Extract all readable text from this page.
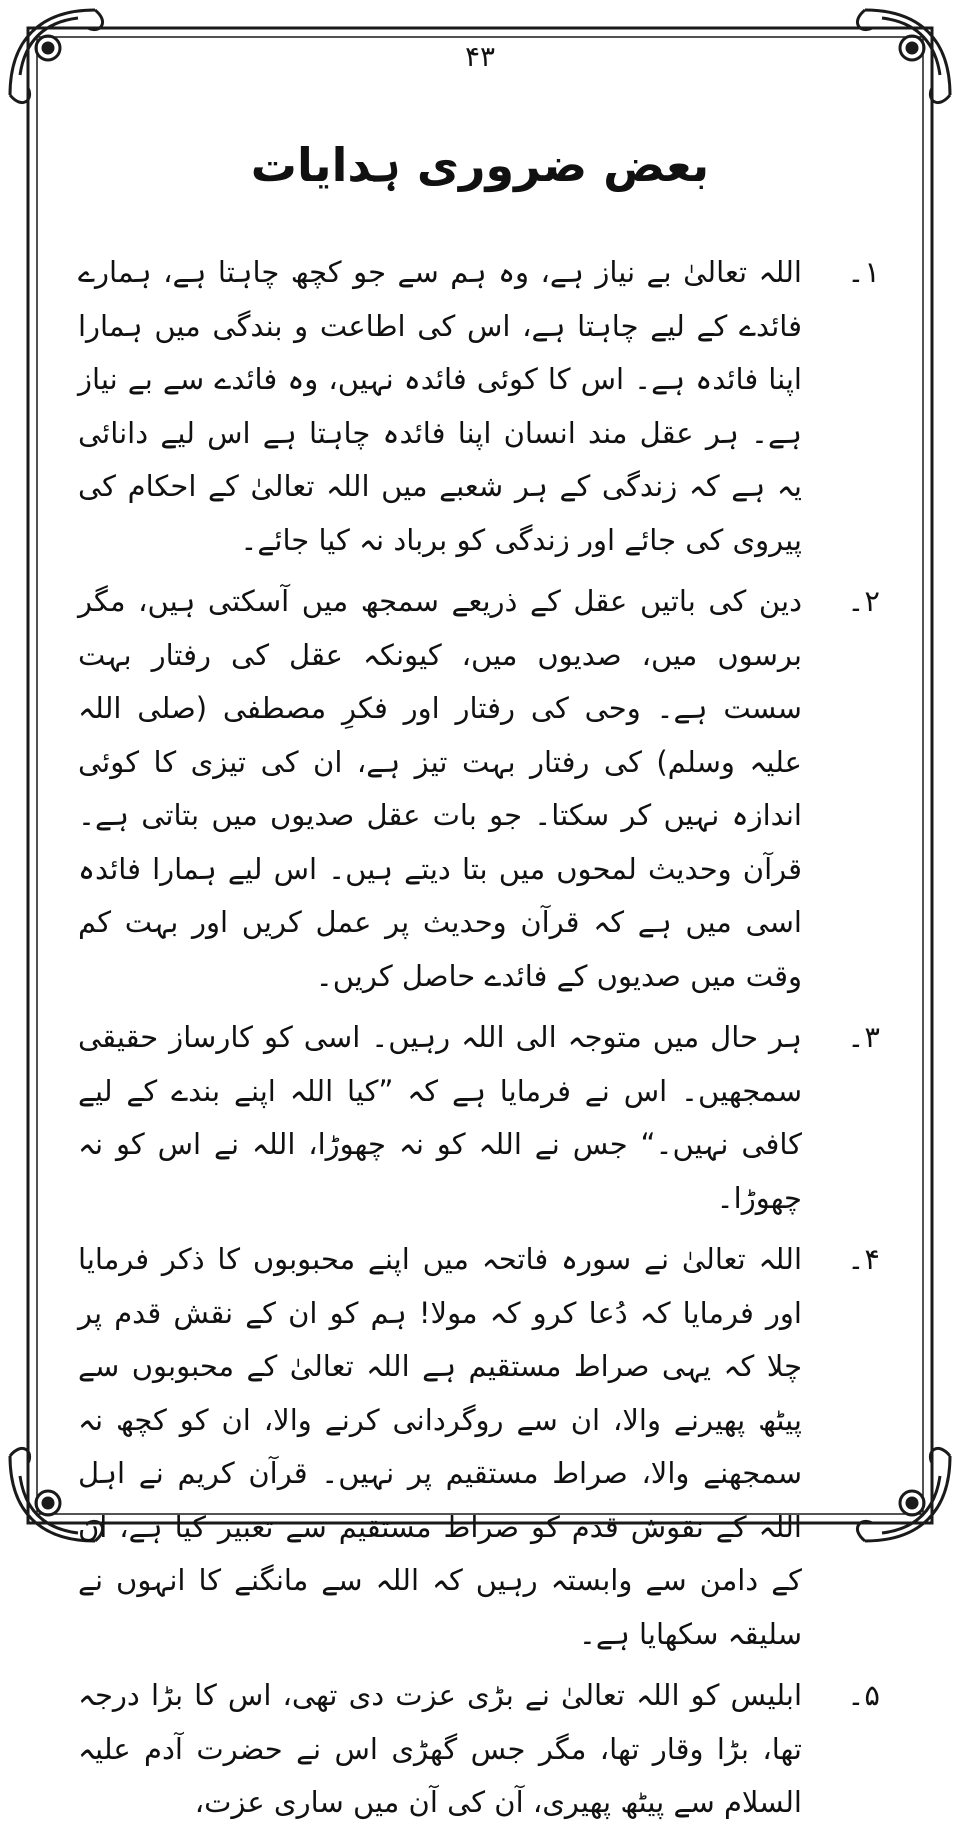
۴۳
بعض ضروری ہدایات
۱۔
اللہ تعالیٰ بے نیاز ہے، وہ ہم سے جو کچھ چاہتا ہے، ہمارے فائدے کے لیے چاہتا ہے، اس کی اطاعت و بندگی میں ہمارا اپنا فائدہ ہے۔ اس کا کوئی فائدہ نہیں، وہ فائدے سے بے نیاز ہے۔ ہر عقل مند انسان اپنا فائدہ چاہتا ہے اس لیے دانائی یہ ہے کہ زندگی کے ہر شعبے میں اللہ تعالیٰ کے احکام کی پیروی کی جائے اور زندگی کو برباد نہ کیا جائے۔
۲۔
دین کی باتیں عقل کے ذریعے سمجھ میں آسکتی ہیں، مگر برسوں میں، صدیوں میں، کیونکہ عقل کی رفتار بہت سست ہے۔ وحی کی رفتار اور فکرِ مصطفی (صلی اللہ علیہ وسلم) کی رفتار بہت تیز ہے، ان کی تیزی کا کوئی اندازہ نہیں کر سکتا۔ جو بات عقل صدیوں میں بتاتی ہے۔ قرآن وحدیث لمحوں میں بتا دیتے ہیں۔ اس لیے ہمارا فائدہ اسی میں ہے کہ قرآن وحدیث پر عمل کریں اور بہت کم وقت میں صدیوں کے فائدے حاصل کریں۔
۳۔
ہر حال میں متوجہ الی اللہ رہیں۔ اسی کو کارساز حقیقی سمجھیں۔ اس نے فرمایا ہے کہ ”کیا اللہ اپنے بندے کے لیے کافی نہیں۔“ جس نے اللہ کو نہ چھوڑا، اللہ نے اس کو نہ چھوڑا۔
۴۔
اللہ تعالیٰ نے سورہ فاتحہ میں اپنے محبوبوں کا ذکر فرمایا اور فرمایا کہ دُعا کرو کہ مولا! ہم کو ان کے نقش قدم پر چلا کہ یہی صراط مستقیم ہے اللہ تعالیٰ کے محبوبوں سے پیٹھ پھیرنے والا، ان سے روگردانی کرنے والا، ان کو کچھ نہ سمجھنے والا، صراط مستقیم پر نہیں۔ قرآن کریم نے اہل اللہ کے نقوش قدم کو صراط مستقیم سے تعبیر کیا ہے، ان کے دامن سے وابستہ رہیں کہ اللہ سے مانگنے کا انہوں نے سلیقہ سکھایا ہے۔
۵۔
ابلیس کو اللہ تعالیٰ نے بڑی عزت دی تھی، اس کا بڑا درجہ تھا، بڑا وقار تھا، مگر جس گھڑی اس نے حضرت آدم علیہ السلام سے پیٹھ پھیری، آن کی آن میں ساری عزت،
